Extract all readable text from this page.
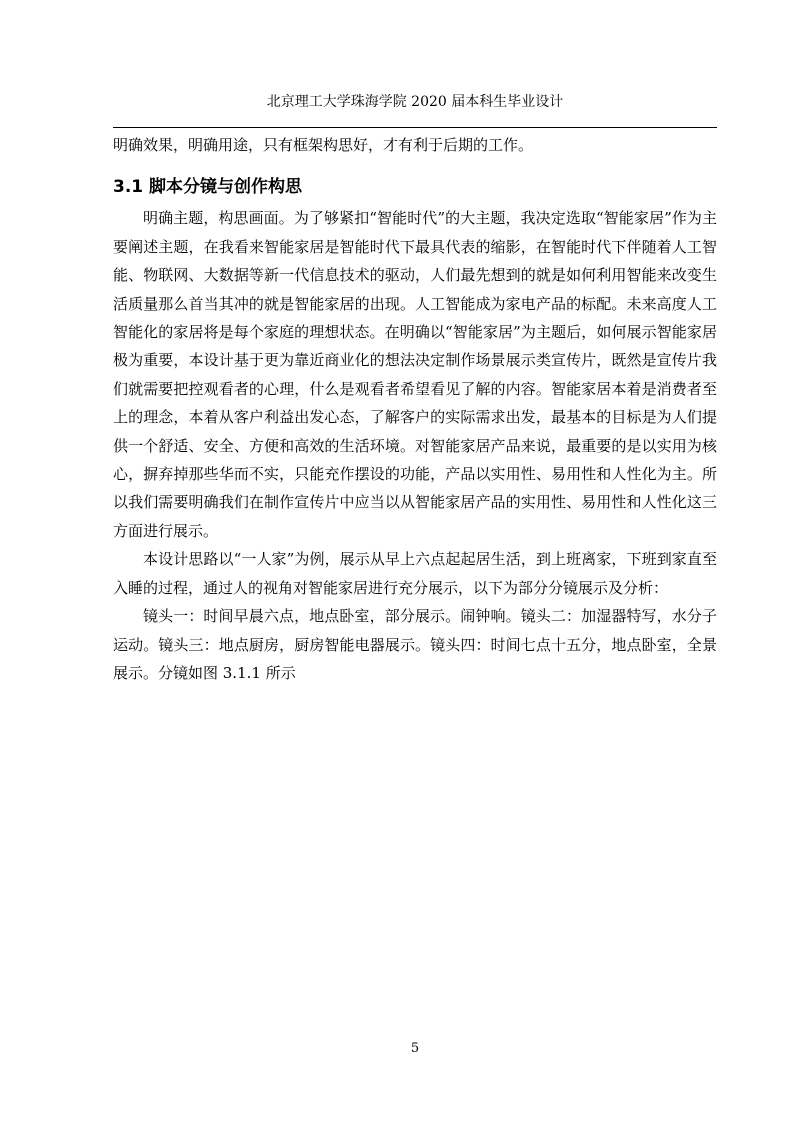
北京理工大学珠海学院 2020 届本科生毕业设计

明确效果，明确用途，只有框架构思好，才有利于后期的工作。

3.1 脚本分镜与创作构思

明确主题，构思画面。为了够紧扣“智能时代”的大主题，我决定选取“智能家居”作为主要阐述主题，在我看来智能家居是智能时代下最具代表的缩影，在智能时代下伴随着人工智能、物联网、大数据等新一代信息技术的驱动，人们最先想到的就是如何利用智能来改变生活质量那么首当其冲的就是智能家居的出现。人工智能成为家电产品的标配。未来高度人工智能化的家居将是每个家庭的理想状态。在明确以“智能家居”为主题后，如何展示智能家居极为重要，本设计基于更为靠近商业化的想法决定制作场景展示类宣传片，既然是宣传片我们就需要把控观看者的心理，什么是观看者希望看见了解的内容。智能家居本着是消费者至上的理念，本着从客户利益出发心态，了解客户的实际需求出发，最基本的目标是为人们提供一个舒适、安全、方便和高效的生活环境。对智能家居产品来说，最重要的是以实用为核心，摒弃掉那些华而不实，只能充作摆设的功能，产品以实用性、易用性和人性化为主。所以我们需要明确我们在制作宣传片中应当以从智能家居产品的实用性、易用性和人性化这三方面进行展示。

本设计思路以“一人家”为例，展示从早上六点起起居生活，到上班离家，下班到家直至入睡的过程，通过人的视角对智能家居进行充分展示，以下为部分分镜展示及分析：

镜头一：时间早晨六点，地点卧室，部分展示。闹钟响。镜头二：加湿器特写，水分子运动。镜头三：地点厨房，厨房智能电器展示。镜头四：时间七点十五分，地点卧室，全景展示。分镜如图 3.1.1 所示

5
